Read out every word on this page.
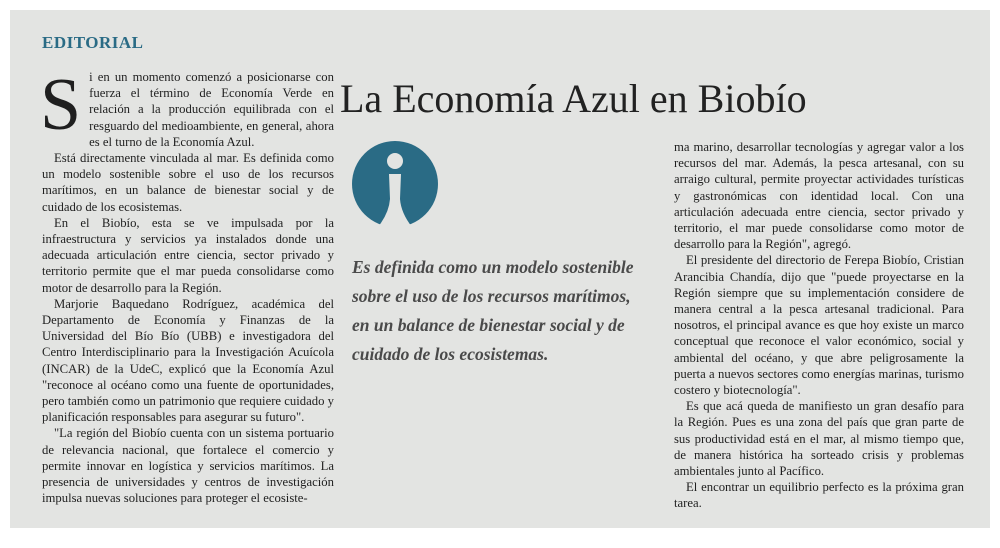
EDITORIAL

Si en un momento comenzó a posicionarse con fuerza el término de Economía Verde en relación a la producción equilibrada con el resguardo del medioambiente, en general, ahora es el turno de la Economía Azul.

Está directamente vinculada al mar. Es definida como un modelo sostenible sobre el uso de los recursos marítimos, en un balance de bienestar social y de cuidado de los ecosistemas.

En el Biobío, esta se ve impulsada por la infraestructura y servicios ya instalados donde una adecuada articulación entre ciencia, sector privado y territorio permite que el mar pueda consolidarse como motor de desarrollo para la Región.

Marjorie Baquedano Rodríguez, académica del Departamento de Economía y Finanzas de la Universidad del Bío Bío (UBB) e investigadora del Centro Interdisciplinario para la Investigación Acuícola (INCAR) de la UdeC, explicó que la Economía Azul "reconoce al océano como una fuente de oportunidades, pero también como un patrimonio que requiere cuidado y planificación responsables para asegurar su futuro".

"La región del Biobío cuenta con un sistema portuario de relevancia nacional, que fortalece el comercio y permite innovar en logística y servicios marítimos. La presencia de universidades y centros de investigación impulsa nuevas soluciones para proteger el ecosiste-

La Economía Azul en Biobío
Es definida como un modelo sostenible sobre el uso de los recursos marítimos, en un balance de bienestar social y de cuidado de los ecosistemas.

ma marino, desarrollar tecnologías y agregar valor a los recursos del mar. Además, la pesca artesanal, con su arraigo cultural, permite proyectar actividades turísticas y gastronómicas con identidad local. Con una articulación adecuada entre ciencia, sector privado y territorio, el mar puede consolidarse como motor de desarrollo para la Región", agregó.

El presidente del directorio de Ferepa Biobío, Cristian Arancibia Chandía, dijo que "puede proyectarse en la Región siempre que su implementación considere de manera central a la pesca artesanal tradicional. Para nosotros, el principal avance es que hoy existe un marco conceptual que reconoce el valor económico, social y ambiental del océano, y que abre peligrosamente la puerta a nuevos sectores como energías marinas, turismo costero y biotecnología".

Es que acá queda de manifiesto un gran desafío para la Región. Pues es una zona del país que gran parte de sus productividad está en el mar, al mismo tiempo que, de manera histórica ha sorteado crisis y problemas ambientales junto al Pacífico.

El encontrar un equilibrio perfecto es la próxima gran tarea.
